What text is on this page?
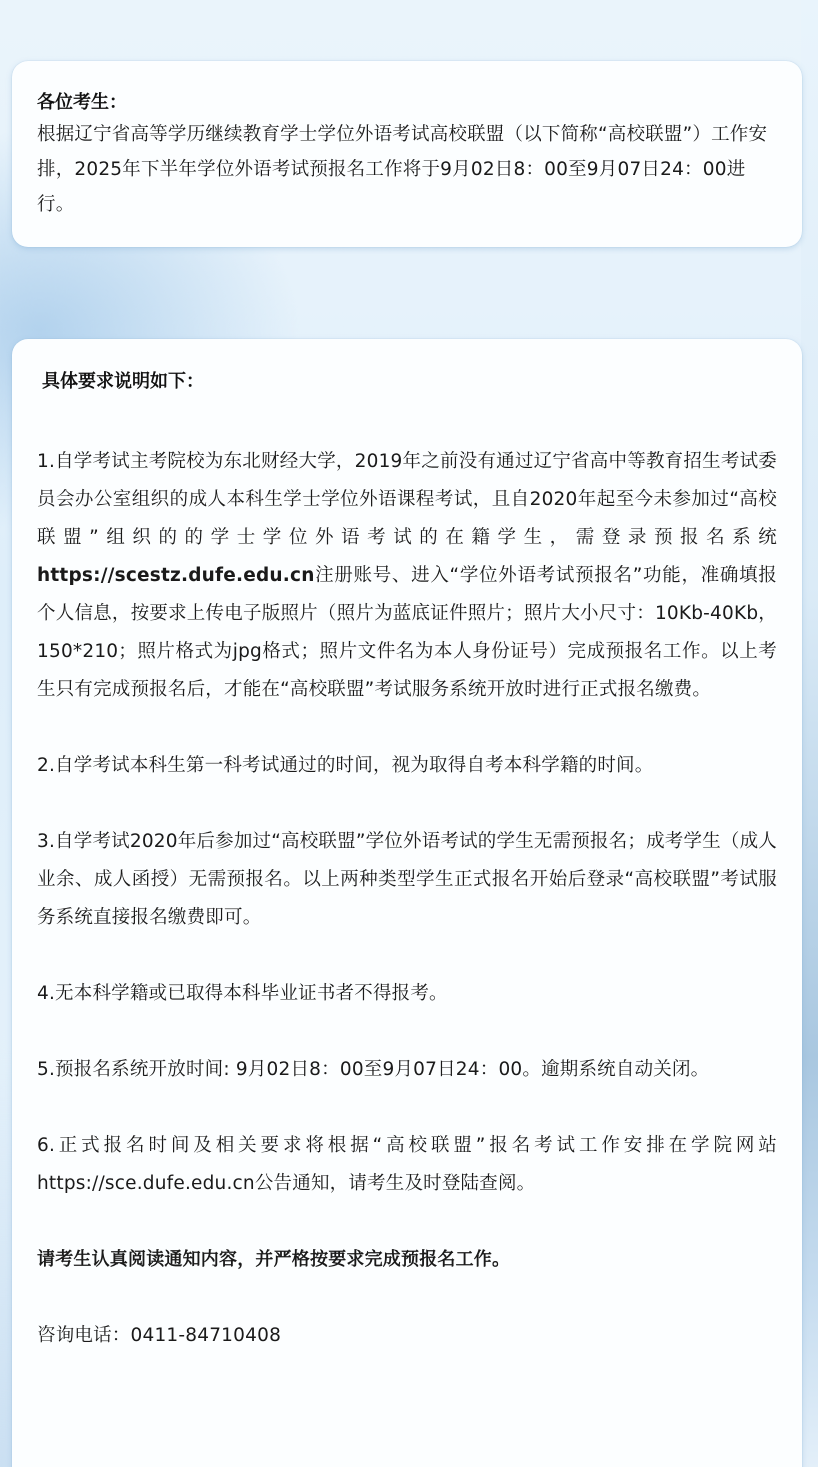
各位考生：

根据辽宁省高等学历继续教育学士学位外语考试高校联盟（以下简称“高校联盟”）工作安排，2025年下半年学位外语考试预报名工作将于9月02日8：00至9月07日24：00进行。

具体要求说明如下：

1.自学考试主考院校为东北财经大学，2019年之前没有通过辽宁省高中等教育招生考试委员会办公室组织的成人本科生学士学位外语课程考试，且自2020年起至今未参加过“高校联盟”组织的的学士学位外语考试的在籍学生，需登录预报名系统https://scestz.dufe.edu.cn注册账号、进入“学位外语考试预报名”功能，准确填报个人信息，按要求上传电子版照片（照片为蓝底证件照片；照片大小尺寸：10Kb-40Kb，150*210；照片格式为jpg格式；照片文件名为本人身份证号）完成预报名工作。以上考生只有完成预报名后，才能在“高校联盟”考试服务系统开放时进行正式报名缴费。

2.自学考试本科生第一科考试通过的时间，视为取得自考本科学籍的时间。

3.自学考试2020年后参加过“高校联盟”学位外语考试的学生无需预报名；成考学生（成人业余、成人函授）无需预报名。以上两种类型学生正式报名开始后登录“高校联盟”考试服务系统直接报名缴费即可。

4.无本科学籍或已取得本科毕业证书者不得报考。

5.预报名系统开放时间: 9月02日8：00至9月07日24：00。逾期系统自动关闭。

6.正式报名时间及相关要求将根据“高校联盟”报名考试工作安排在学院网站https://sce.dufe.edu.cn公告通知，请考生及时登陆查阅。

请考生认真阅读通知内容，并严格按要求完成预报名工作。

咨询电话：0411-84710408
